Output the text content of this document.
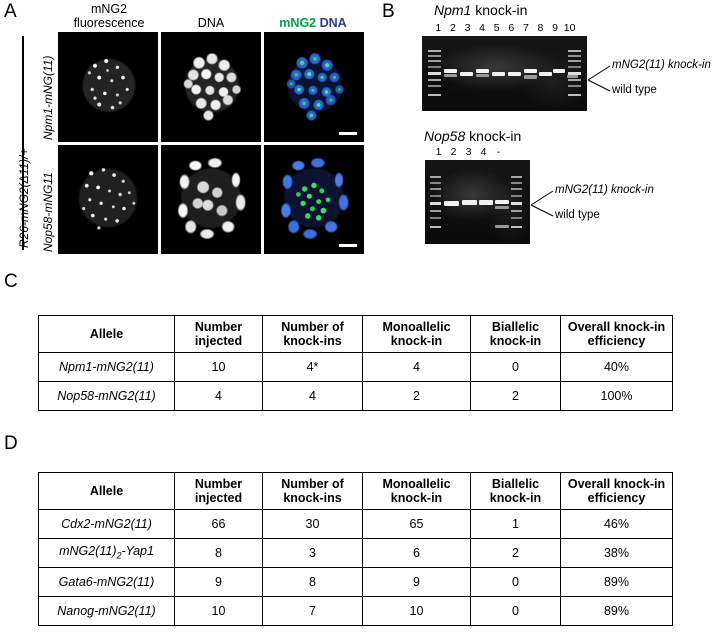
A	mNG2
fluorescence
	DNA
	mNG2 DNA
R26-mNG2(Δ11)/+
Npm1-mNG(11)
Nop58-mNG11
B	Npm1 knock-in
1 2 3 4 5 6 7 8 9 10
mNG2(11) knock-in
wild type
Nop58 knock-in
1 2 3 4 -
mNG2(11) knock-in
wild type
C
Allele	Number
injected

Number of
knock-ins

Monoallelic
knock-in

Biallelic
knock-in

Overall knock-in
efficiency

Npm1-mNG2(11)	10	4*	4	0	40%
Nop58-mNG2(11)	4	4	2	2	100%
D
Allele	Number
injected

Number of
knock-ins

Monoallelic
knock-in

Biallelic
knock-in

Overall knock-in
efficiency

Cdx2-mNG2(11)	66	30	65	1	46%
$mNG2(11)_2-Yap1$	8	3	6	2	38%
Gata6-mNG2(11)	9	8	9	0	89%
Nanog-mNG2(11)	10	7	10	0	89%
